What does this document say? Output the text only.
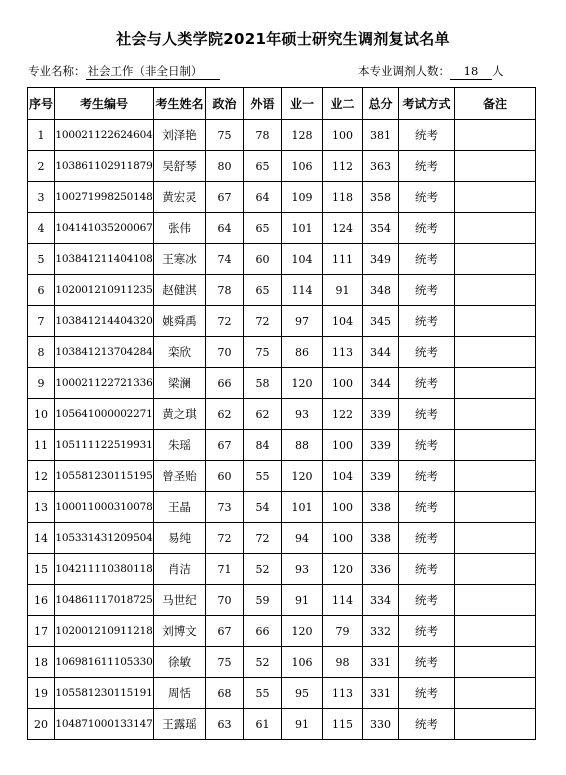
社会与人类学院2021年硕士研究生调剂复试名单
专业名称： 社会工作（非全日制）	本专业调剂人数： 18 人
序号	考生编号	考生姓名	政治	外语	业一	业二	总分	考试方式	备注
1	100021122624604	刘泽艳	75	78	128	100	381	统考	
2	103861102911879	吴舒琴	80	65	106	112	363	统考	
3	100271998250148	黄宏灵	67	64	109	118	358	统考	
4	104141035200067	张伟	64	65	101	124	354	统考	
5	103841211404108	王寒冰	74	60	104	111	349	统考	
6	102001210911235	赵健淇	78	65	114	91	348	统考	
7	103841214404320	姚舜禹	72	72	97	104	345	统考	
8	103841213704284	栾欣	70	75	86	113	344	统考	
9	100021122721336	梁澜	66	58	120	100	344	统考	
10	105641000002271	黄之琪	62	62	93	122	339	统考	
11	105111122519931	朱瑶	67	84	88	100	339	统考	
12	105581230115195	曾圣贻	60	55	120	104	339	统考	
13	100011000310078	王晶	73	54	101	100	338	统考	
14	105331431209504	易纯	72	72	94	100	338	统考	
15	104211110380118	肖洁	71	52	93	120	336	统考	
16	104861117018725	马世纪	70	59	91	114	334	统考	
17	102001210911218	刘博文	67	66	120	79	332	统考	
18	106981611105330	徐敏	75	52	106	98	331	统考	
19	105581230115191	周恬	68	55	95	113	331	统考	
20	104871000133147	王露瑶	63	61	91	115	330	统考	
